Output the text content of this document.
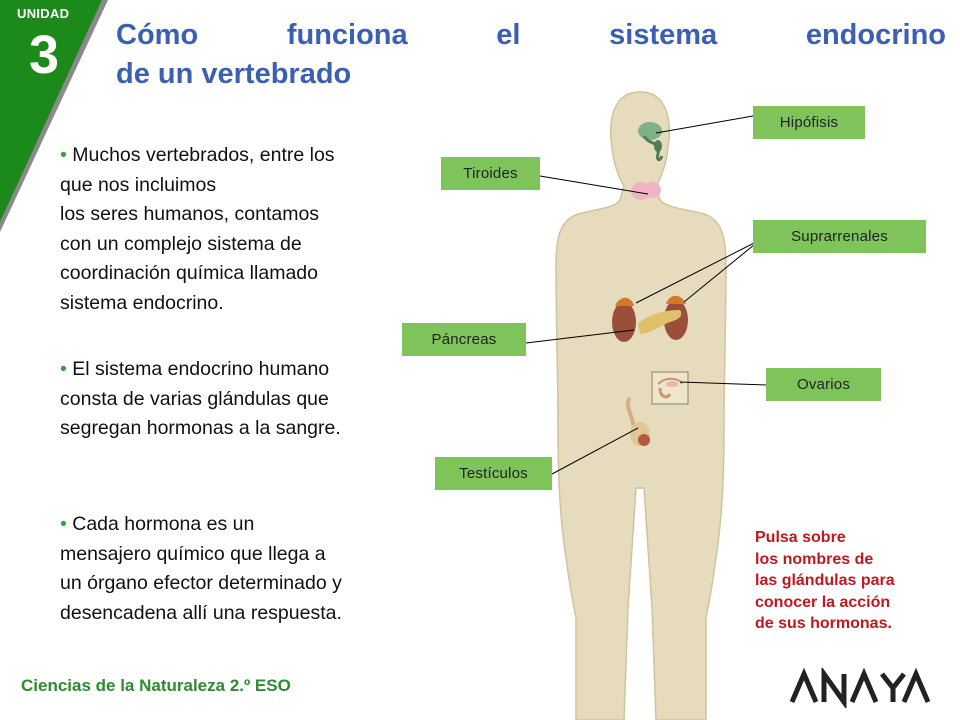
UNIDAD
3 Cómo funciona el sistema endocrino
de un vertebrado
• Muchos vertebrados, entre los
que nos incluimos
los seres humanos, contamos
con un complejo sistema de
coordinación química llamado
sistema endocrino.
• El sistema endocrino humano
consta de varias glándulas que
segregan hormonas a la sangre.
• Cada hormona es un
mensajero químico que llega a
un órgano efector determinado y
desencadena allí una respuesta.
Hipófisis
Tiroides
Suprarrenales
Páncreas
Ovarios
Testículos
Pulsa sobre
los nombres de
las glándulas para
conocer la acción
de sus hormonas.
Ciencias de la Naturaleza 2.º ESO
